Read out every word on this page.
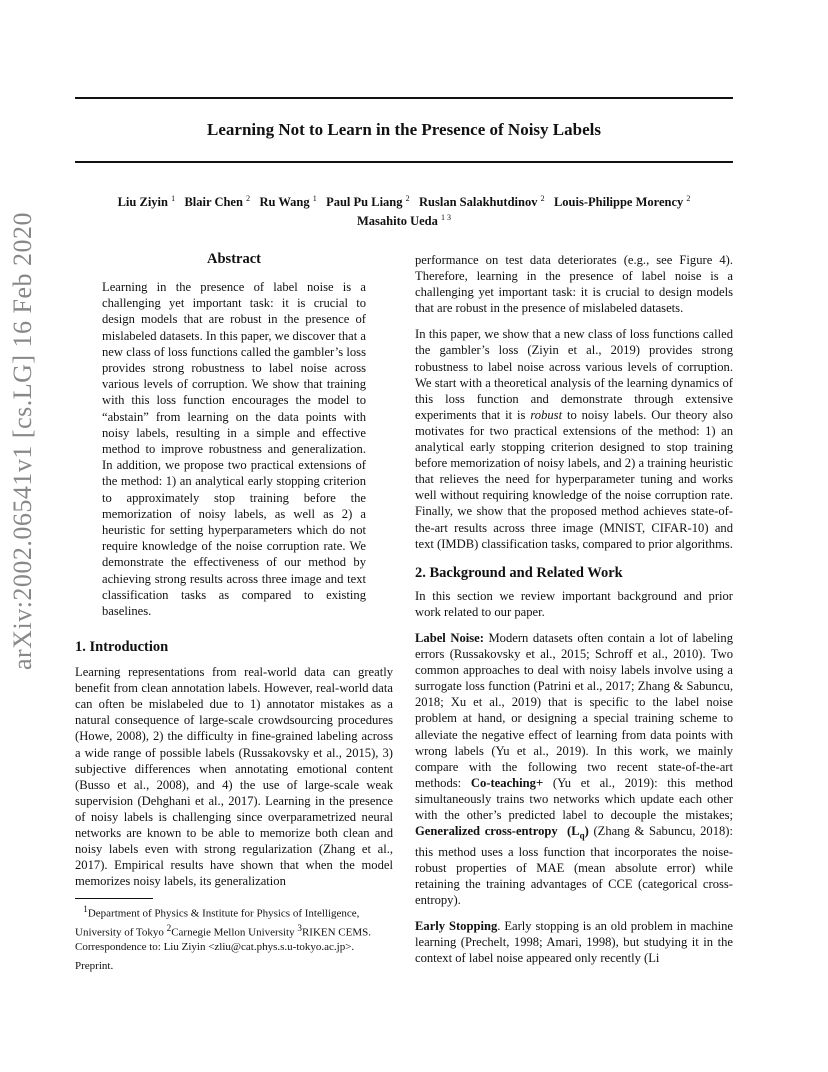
arXiv:2002.06541v1 [cs.LG] 16 Feb 2020
Learning Not to Learn in the Presence of Noisy Labels
Liu Ziyin $^1$ Blair Chen $^2$ Ru Wang $^1$ Paul Pu Liang $^2$ Ruslan Salakhutdinov $^2$ Louis-Philippe Morency $^2$
Masahito Ueda $^{1 3}$
Abstract
Learning in the presence of label noise is a challenging yet important task: it is crucial to design models that are robust in the presence of mislabeled datasets. In this paper, we discover that a new class of loss functions called the gambler’s loss provides strong robustness to label noise across various levels of corruption. We show that training with this loss function encourages the model to “abstain” from learning on the data points with noisy labels, resulting in a simple and effective method to improve robustness and generalization. In addition, we propose two practical extensions of the method: 1) an analytical early stopping criterion to approximately stop training before the memorization of noisy labels, as well as 2) a heuristic for setting hyperparameters which do not require knowledge of the noise corruption rate. We demonstrate the effectiveness of our method by achieving strong results across three image and text classification tasks as compared to existing baselines.
1. Introduction

Learning representations from real-world data can greatly benefit from clean annotation labels. However, real-world data can often be mislabeled due to 1) annotator mistakes as a natural consequence of large-scale crowdsourcing procedures (Howe, 2008), 2) the difficulty in fine-grained labeling across a wide range of possible labels (Russakovsky et al., 2015), 3) subjective differences when annotating emotional content (Busso et al., 2008), and 4) the use of large-scale weak supervision (Dehghani et al., 2017). Learning in the presence of noisy labels is challenging since overparametrized neural networks are known to be able to memorize both clean and noisy labels even with strong regularization (Zhang et al., 2017). Empirical results have shown that when the model memorizes noisy labels, its generalization

$^1$Department of Physics & Institute for Physics of Intelligence, University of Tokyo $^2$Carnegie Mellon University $^3$RIKEN CEMS. Correspondence to: Liu Ziyin <zliu@cat.phys.s.u-tokyo.ac.jp>.
Preprint.

performance on test data deteriorates (e.g., see Figure 4). Therefore, learning in the presence of label noise is a challenging yet important task: it is crucial to design models that are robust in the presence of mislabeled datasets.

In this paper, we show that a new class of loss functions called the gambler’s loss (Ziyin et al., 2019) provides strong robustness to label noise across various levels of corruption. We start with a theoretical analysis of the learning dynamics of this loss function and demonstrate through extensive experiments that it is robust to noisy labels. Our theory also motivates for two practical extensions of the method: 1) an analytical early stopping criterion designed to stop training before memorization of noisy labels, and 2) a training heuristic that relieves the need for hyperparameter tuning and works well without requiring knowledge of the noise corruption rate. Finally, we show that the proposed method achieves state-of-the-art results across three image (MNIST, CIFAR-10) and text (IMDB) classification tasks, compared to prior algorithms.

2. Background and Related Work

In this section we review important background and prior work related to our paper.

Label Noise: Modern datasets often contain a lot of labeling errors (Russakovsky et al., 2015; Schroff et al., 2010). Two common approaches to deal with noisy labels involve using a surrogate loss function (Patrini et al., 2017; Zhang & Sabuncu, 2018; Xu et al., 2019) that is specific to the label noise problem at hand, or designing a special training scheme to alleviate the negative effect of learning from data points with wrong labels (Yu et al., 2019). In this work, we mainly compare with the following two recent state-of-the-art methods: Co-teaching+ (Yu et al., 2019): this method simultaneously trains two networks which update each other with the other’s predicted label to decouple the mistakes; Generalized cross-entropy $(L_q)$ (Zhang & Sabuncu, 2018): this method uses a loss function that incorporates the noise-robust properties of MAE (mean absolute error) while retaining the training advantages of CCE (categorical cross-entropy).

Early Stopping. Early stopping is an old problem in machine learning (Prechelt, 1998; Amari, 1998), but studying it in the context of label noise appeared only recently (Li
